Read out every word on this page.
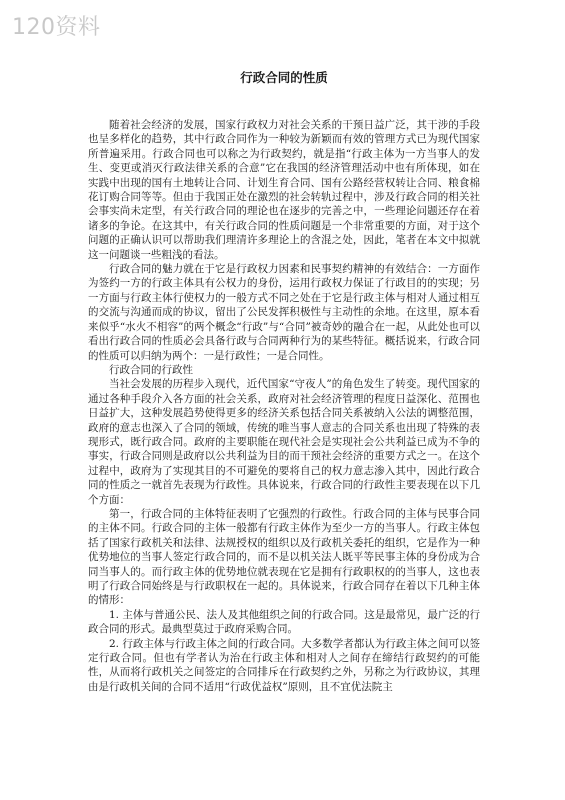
120资料
行政合同的性质

随着社会经济的发展，国家行政权力对社会关系的干预日益广泛，其干涉的手段也呈多样化的趋势，其中行政合同作为一种较为新颖而有效的管理方式已为现代国家所普遍采用。行政合同也可以称之为行政契约，就是指“行政主体为一方当事人的发生、变更或消灭行政法律关系的合意”它在我国的经济管理活动中也有所体现，如在实践中出现的国有土地转让合同、计划生育合同、国有公路经营权转让合同、粮食棉花订购合同等等。但由于我国正处在激烈的社会转轨过程中，涉及行政合同的相关社会事实尚未定型，有关行政合同的理论也在逐步的完善之中，一些理论问题还存在着诸多的争论。在这其中，有关行政合同的性质问题是一个非常重要的方面，对于这个问题的正确认识可以帮助我们理清许多理论上的含混之处，因此，笔者在本文中拟就这一问题谈一些粗浅的看法。

行政合同的魅力就在于它是行政权力因素和民事契约精神的有效结合：一方面作为签约一方的行政主体具有公权力的身份，运用行政权力保证了行政目的的实现；另一方面与行政主体行使权力的一般方式不同之处在于它是行政主体与相对人通过相互的交流与沟通而成的协议，留出了公民发挥积极性与主动性的余地。在这里，原本看来似乎“水火不相容”的两个概念“行政”与“合同”被奇妙的融合在一起，从此处也可以看出行政合同的性质必会具备行政与合同两种行为的某些特征。概括说来，行政合同的性质可以归纳为两个：一是行政性；一是合同性。

行政合同的行政性

当社会发展的历程步入现代，近代国家“守夜人”的角色发生了转变。现代国家的通过各种手段介入各方面的社会关系，政府对社会经济管理的程度日益深化、范围也日益扩大，这种发展趋势使得更多的经济关系包括合同关系被纳入公法的调整范围，政府的意志也深入了合同的领域，传统的唯当事人意志的合同关系也出现了特殊的表现形式，既行政合同。政府的主要职能在现代社会是实现社会公共利益已成为不争的事实，行政合同则是政府以公共利益为目的而干预社会经济的重要方式之一。在这个过程中，政府为了实现其目的不可避免的要将自己的权力意志渗入其中，因此行政合同的性质之一就首先表现为行政性。具体说来，行政合同的行政性主要表现在以下几个方面：

第一，行政合同的主体特征表明了它强烈的行政性。行政合同的主体与民事合同的主体不同。行政合同的主体一般都有行政主体作为至少一方的当事人。行政主体包括了国家行政机关和法律、法规授权的组织以及行政机关委托的组织，它是作为一种优势地位的当事人签定行政合同的，而不是以机关法人既平等民事主体的身份成为合同当事人的。而行政主体的优势地位就表现在它是拥有行政职权的的当事人，这也表明了行政合同始终是与行政职权在一起的。具体说来，行政合同存在着以下几种主体的情形：

1. 主体与普通公民、法人及其他组织之间的行政合同。这是最常见，最广泛的行政合同的形式。最典型莫过于政府采购合同。

2. 行政主体与行政主体之间的行政合同。大多数学者都认为行政主体之间可以签定行政合同。但也有学者认为治在行政主体和相对人之间存在缔结行政契约的可能性，从而将行政机关之间签定的合同排斥在行政契约之外，另称之为行政协议，其理由是行政机关间的合同不适用“行政优益权”原则，且不宜优法院主
